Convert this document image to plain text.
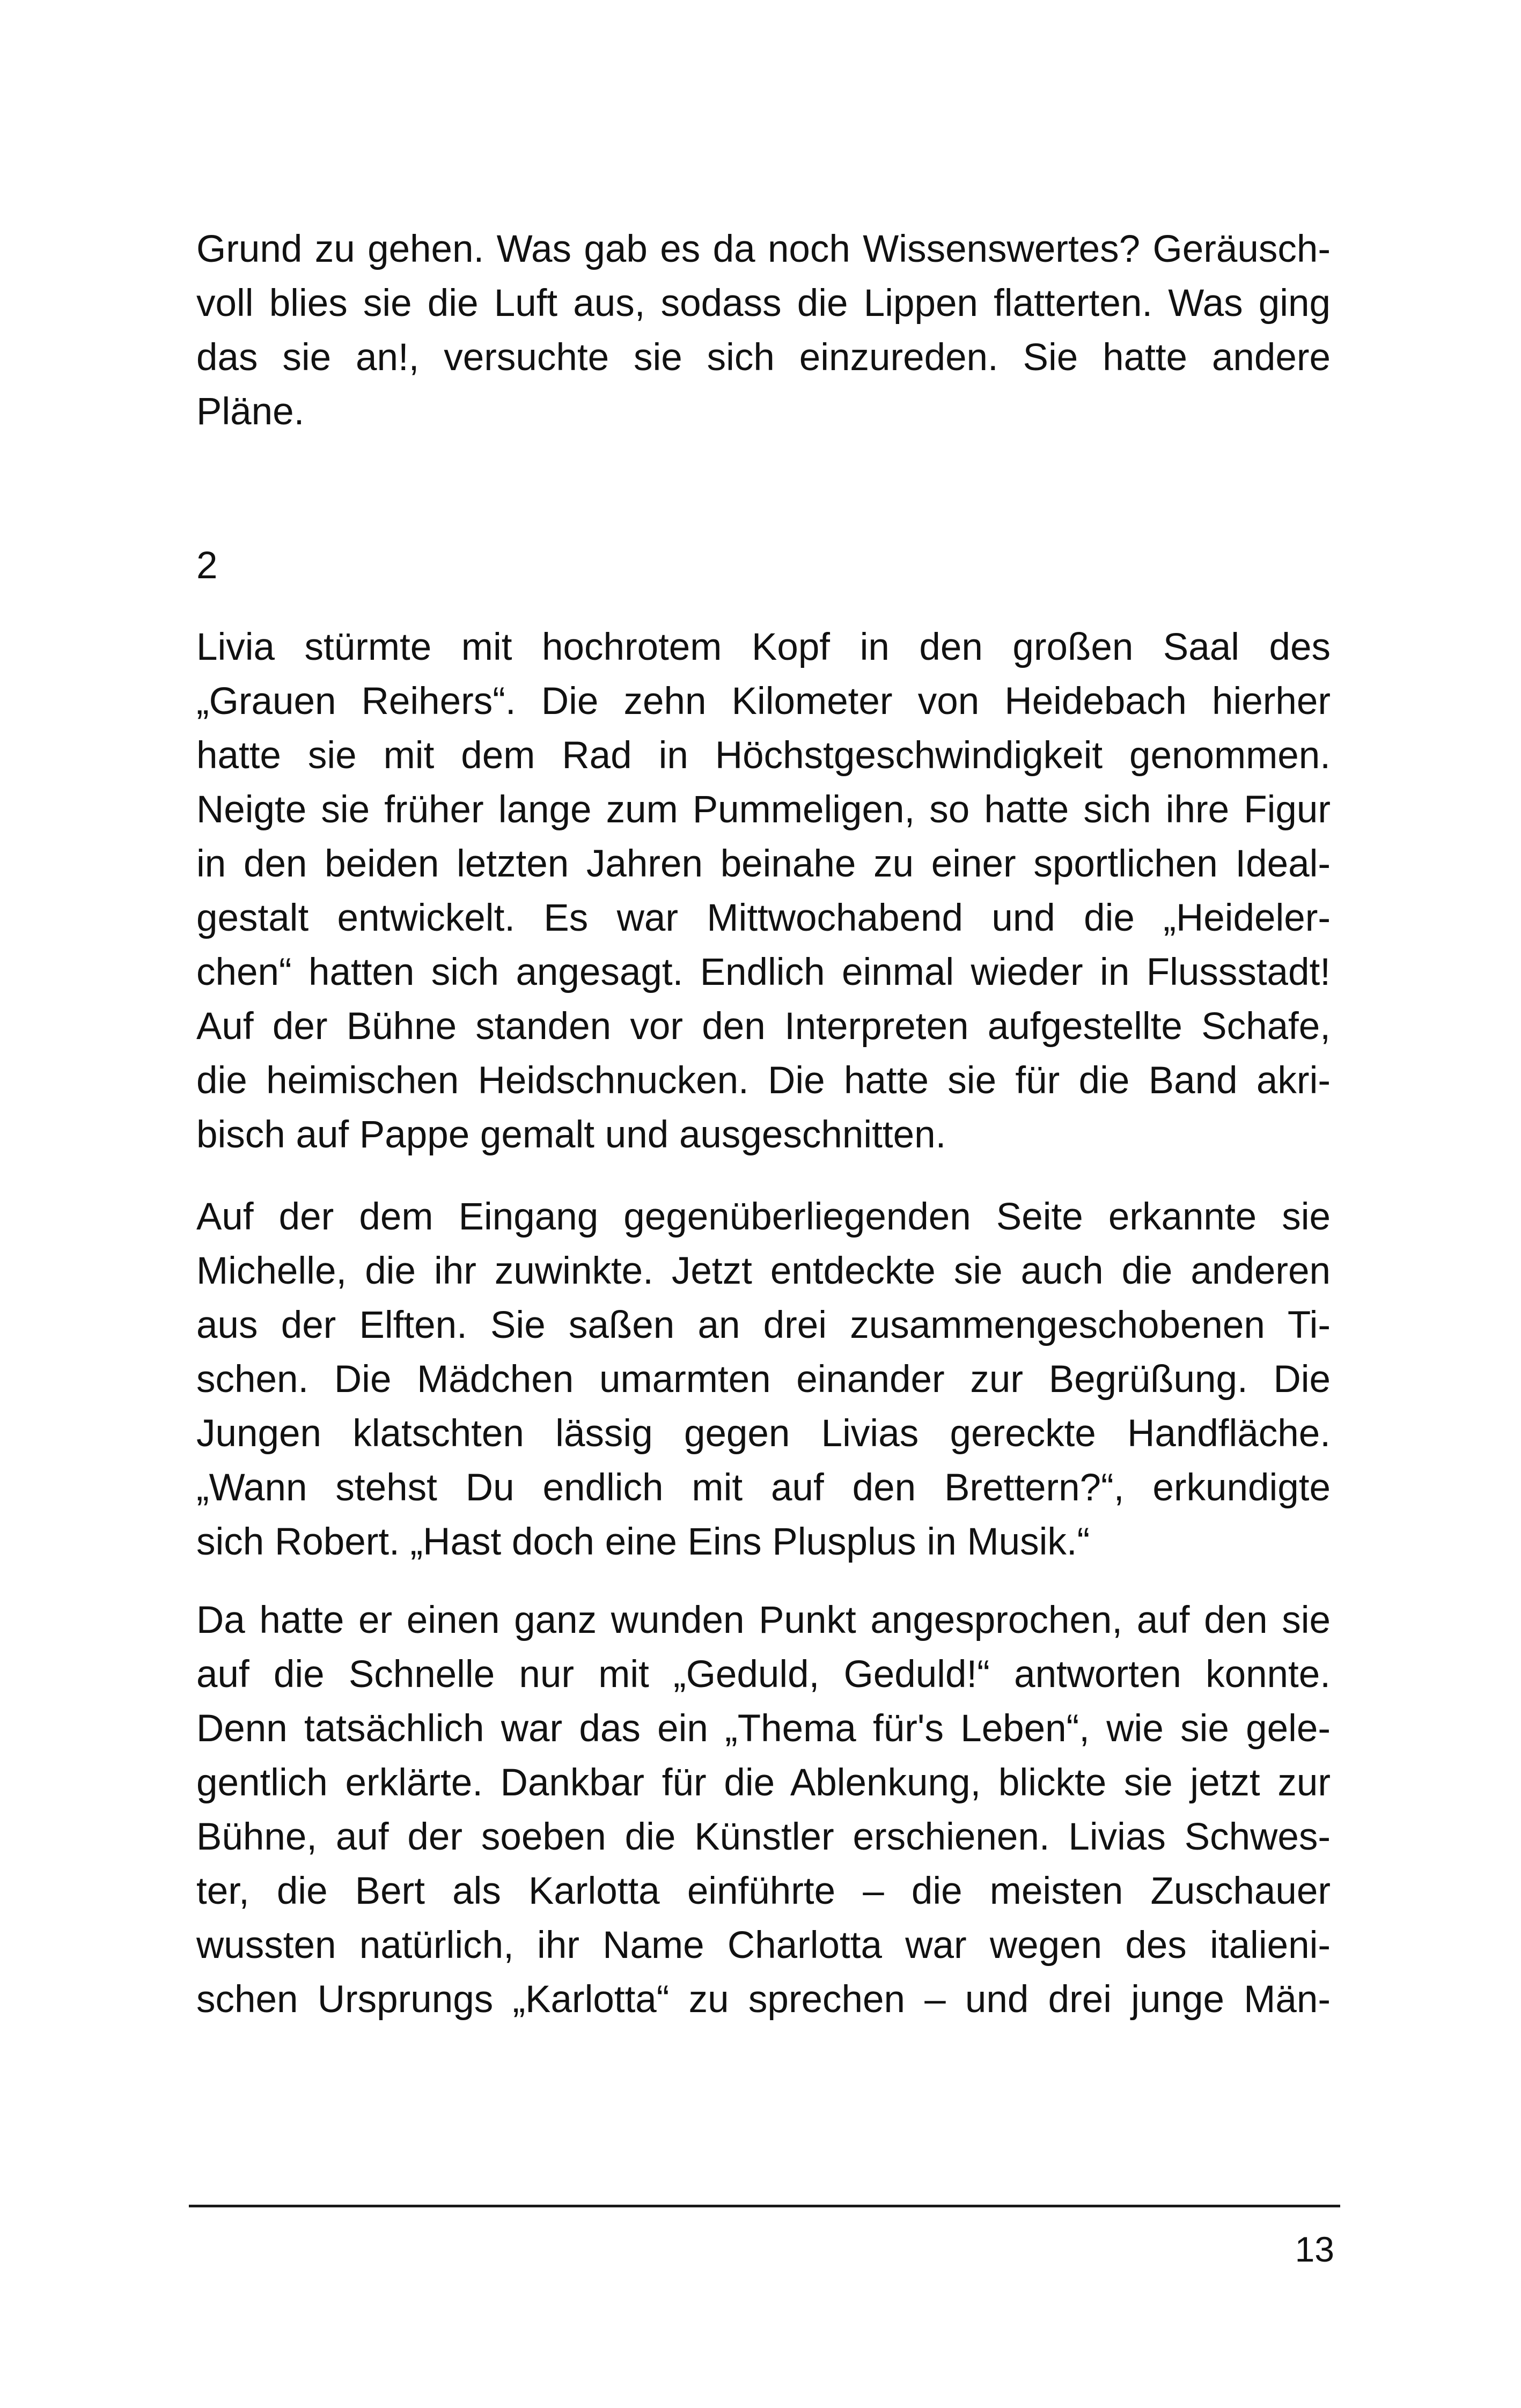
Grund zu gehen. Was gab es da noch Wissenswertes? Geräusch-
voll blies sie die Luft aus, sodass die Lippen flatterten. Was ging
das sie an!, versuchte sie sich einzureden. Sie hatte andere
Pläne.
2
Livia stürmte mit hochrotem Kopf in den großen Saal des
„Grauen Reihers“. Die zehn Kilometer von Heidebach hierher
hatte sie mit dem Rad in Höchstgeschwindigkeit genommen.
Neigte sie früher lange zum Pummeligen, so hatte sich ihre Figur
in den beiden letzten Jahren beinahe zu einer sportlichen Ideal-
gestalt entwickelt. Es war Mittwochabend und die „Heideler-
chen“ hatten sich angesagt. Endlich einmal wieder in Flussstadt!
Auf der Bühne standen vor den Interpreten aufgestellte Schafe,
die heimischen Heidschnucken. Die hatte sie für die Band akri-
bisch auf Pappe gemalt und ausgeschnitten.
Auf der dem Eingang gegenüberliegenden Seite erkannte sie
Michelle, die ihr zuwinkte. Jetzt entdeckte sie auch die anderen
aus der Elften. Sie saßen an drei zusammengeschobenen Ti-
schen. Die Mädchen umarmten einander zur Begrüßung. Die
Jungen klatschten lässig gegen Livias gereckte Handfläche.
„Wann stehst Du endlich mit auf den Brettern?“, erkundigte
sich Robert. „Hast doch eine Eins Plusplus in Musik.“
Da hatte er einen ganz wunden Punkt angesprochen, auf den sie
auf die Schnelle nur mit „Geduld, Geduld!“ antworten konnte.
Denn tatsächlich war das ein „Thema für's Leben“, wie sie gele-
gentlich erklärte. Dankbar für die Ablenkung, blickte sie jetzt zur
Bühne, auf der soeben die Künstler erschienen. Livias Schwes-
ter, die Bert als Karlotta einführte – die meisten Zuschauer
wussten natürlich, ihr Name Charlotta war wegen des italieni-
schen Ursprungs „Karlotta“ zu sprechen – und drei junge Män-
13
